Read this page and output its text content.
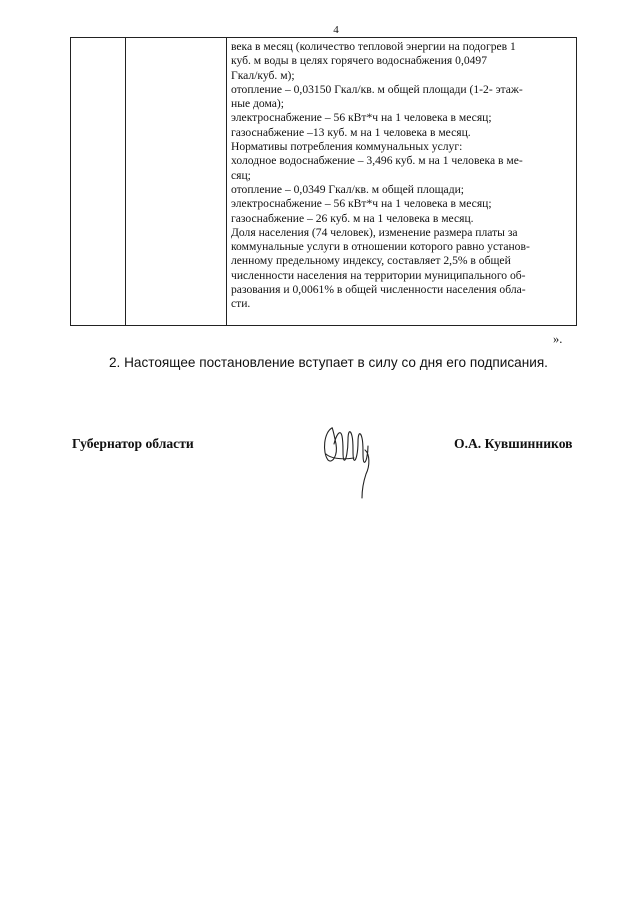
4

века в месяц (количество тепловой энергии на подогрев 1

куб. м воды в целях горячего водоснабжения 0,0497

Гкал/куб. м);

отопление – 0,03150 Гкал/кв. м общей площади (1-2- этаж-

ные дома);

электроснабжение – 56 кВт*ч на 1 человека в месяц;

газоснабжение –13 куб. м на 1 человека в месяц.

Нормативы потребления коммунальных услуг:

холодное водоснабжение – 3,496 куб. м на 1 человека в ме-

сяц;

отопление – 0,0349 Гкал/кв. м общей площади;

электроснабжение – 56 кВт*ч на 1 человека в месяц;

газоснабжение – 26 куб. м на 1 человека в месяц.

Доля населения (74 человек), изменение размера платы за

коммунальные услуги в отношении которого равно установ-

ленному предельному индексу, составляет 2,5% в общей

численности населения на территории муниципального об-

разования и 0,0061% в общей численности населения обла-

сти.

».
2. Настоящее постановление вступает в силу со дня его подписания.
Губернатор области	О.А. Кувшинников
